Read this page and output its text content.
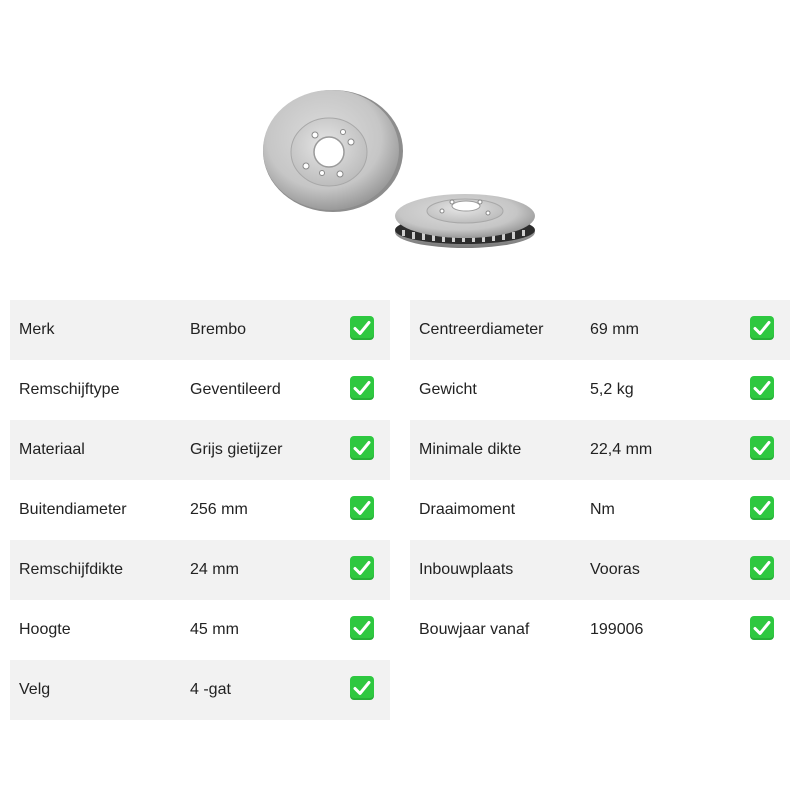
Merk	Brembo
Remschijftype	Geventileerd
Materiaal	Grijs gietijzer
Buitendiameter	256 mm
Remschijfdikte	24 mm
Hoogte	45 mm
Velg	4 -gat
Centreerdiameter	69 mm
Gewicht	5,2 kg
Minimale dikte	22,4 mm
Draaimoment	Nm
Inbouwplaats	Vooras
Bouwjaar vanaf	199006
